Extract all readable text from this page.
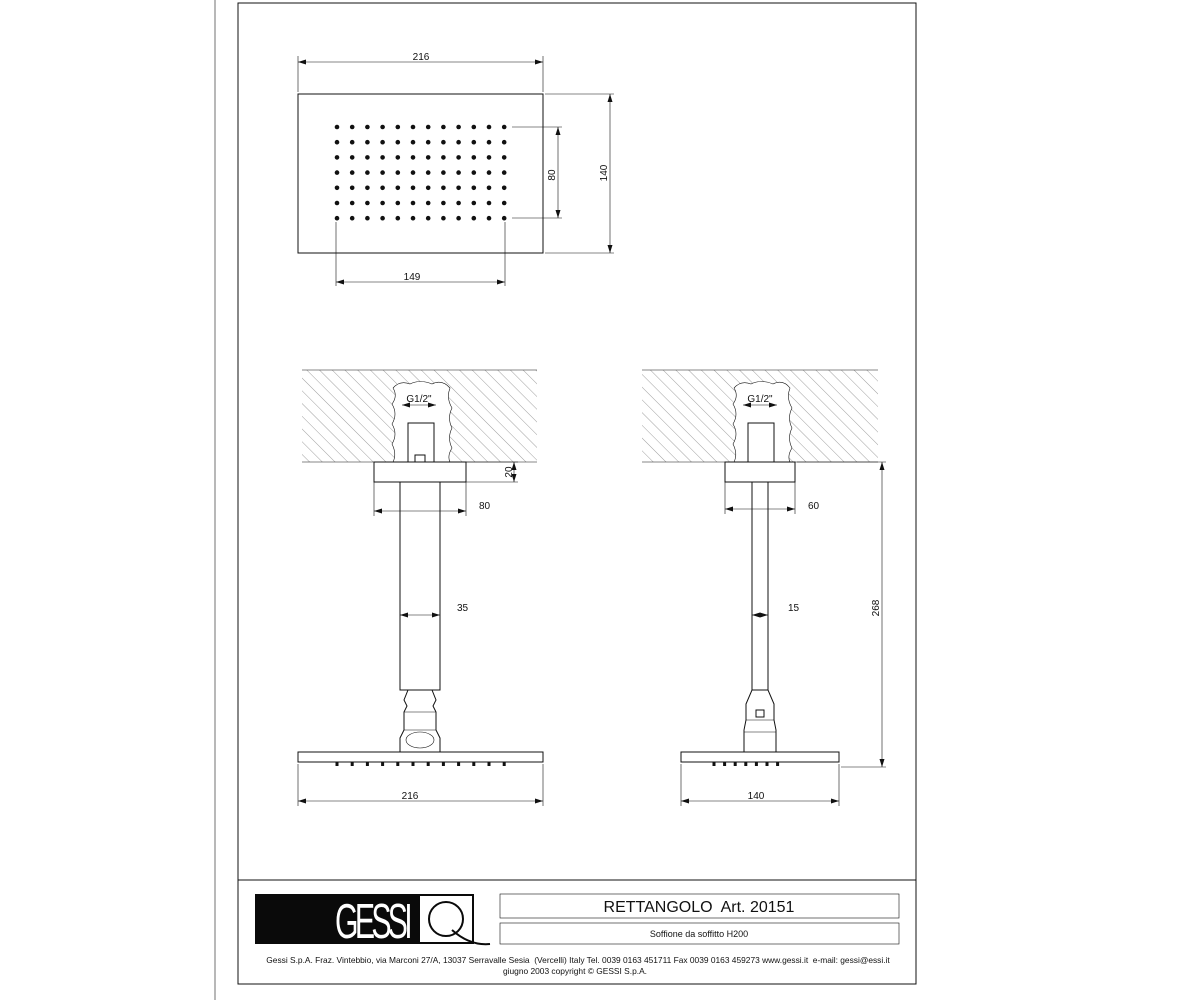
216
140
80
149
G1/2"
20
80
35
216
G1/2"
60
15	268
140
GESSI	RETTANGOLO  Art. 20151
Soffione da soffitto H200
Gessi S.p.A. Fraz. Vintebbio, via Marconi 27/A, 13037 Serravalle Sesia  (Vercelli) Italy Tel. 0039 0163 451711 Fax 0039 0163 459273 www.gessi.it  e-mail: gessi@essi.it
giugno 2003 copyright © GESSI S.p.A.
